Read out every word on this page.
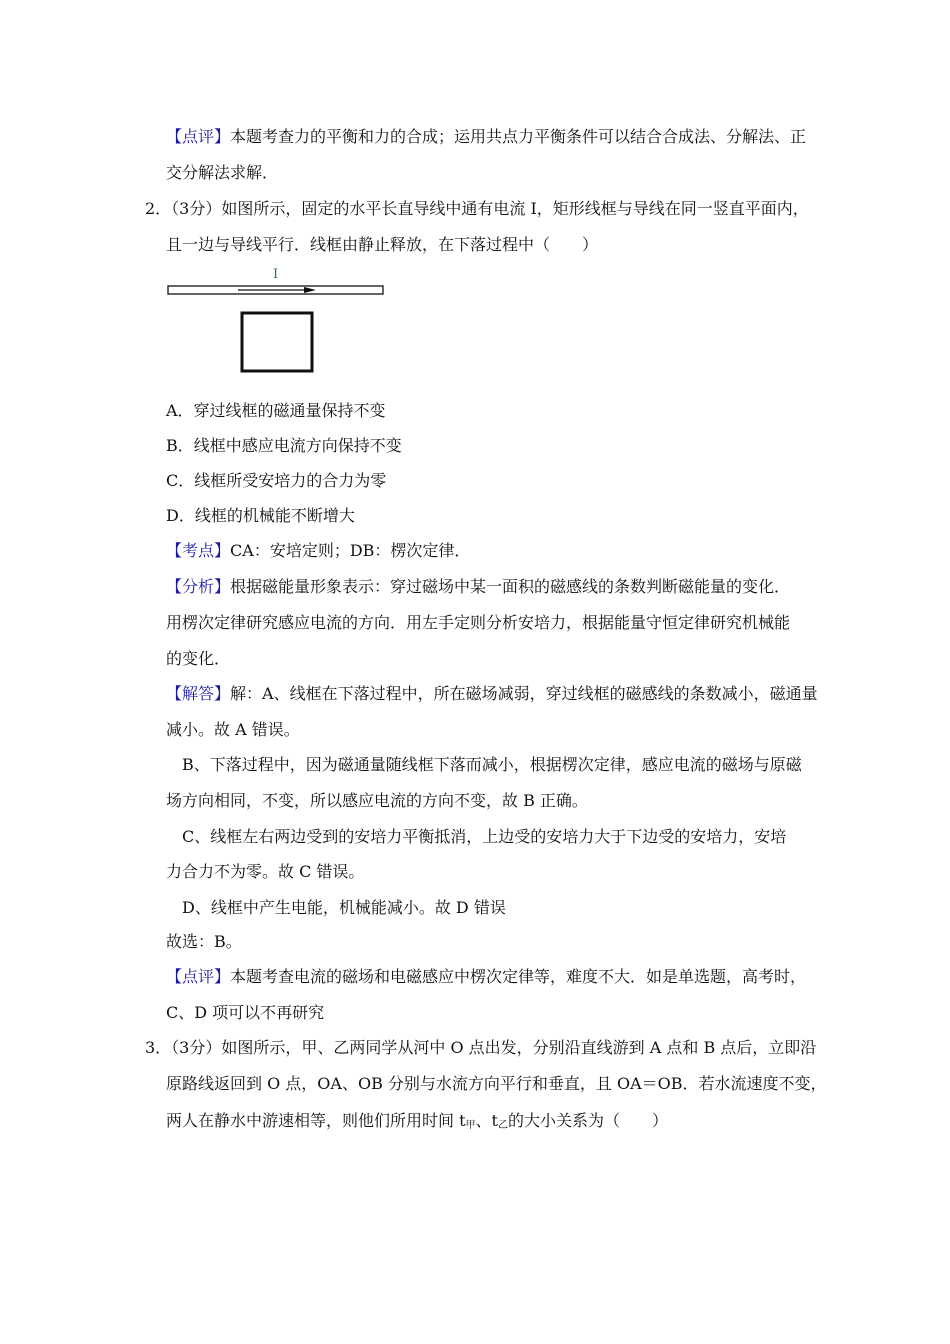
【点评】本题考查力的平衡和力的合成；运用共点力平衡条件可以结合合成法、分解法、正
交分解法求解．
2．（3分）如图所示，固定的水平长直导线中通有电流 I，矩形线框与导线在同一竖直平面内，
且一边与导线平行．线框由静止释放，在下落过程中（　　）
I
A．穿过线框的磁通量保持不变
B．线框中感应电流方向保持不变
C．线框所受安培力的合力为零
D．线框的机械能不断增大
【考点】CA：安培定则；DB：楞次定律．
【分析】根据磁能量形象表示：穿过磁场中某一面积的磁感线的条数判断磁能量的变化．
用楞次定律研究感应电流的方向．用左手定则分析安培力，根据能量守恒定律研究机械能
的变化．
【解答】解：A、线框在下落过程中，所在磁场减弱，穿过线框的磁感线的条数减小，磁通量
减小。故 A 错误。
B、下落过程中，因为磁通量随线框下落而减小，根据楞次定律，感应电流的磁场与原磁
场方向相同，不变，所以感应电流的方向不变，故 B 正确。
C、线框左右两边受到的安培力平衡抵消，上边受的安培力大于下边受的安培力，安培
力合力不为零。故 C 错误。
D、线框中产生电能，机械能减小。故 D 错误
故选：B。
【点评】本题考查电流的磁场和电磁感应中楞次定律等，难度不大．如是单选题，高考时，
C、D 项可以不再研究
3．（3分）如图所示，甲、乙两同学从河中 O 点出发，分别沿直线游到 A 点和 B 点后，立即沿
原路线返回到 O 点，OA、OB 分别与水流方向平行和垂直，且 OA＝OB．若水流速度不变，
两人在静水中游速相等，则他们所用时间 $t_甲$、$t_乙$的大小关系为（　　）
